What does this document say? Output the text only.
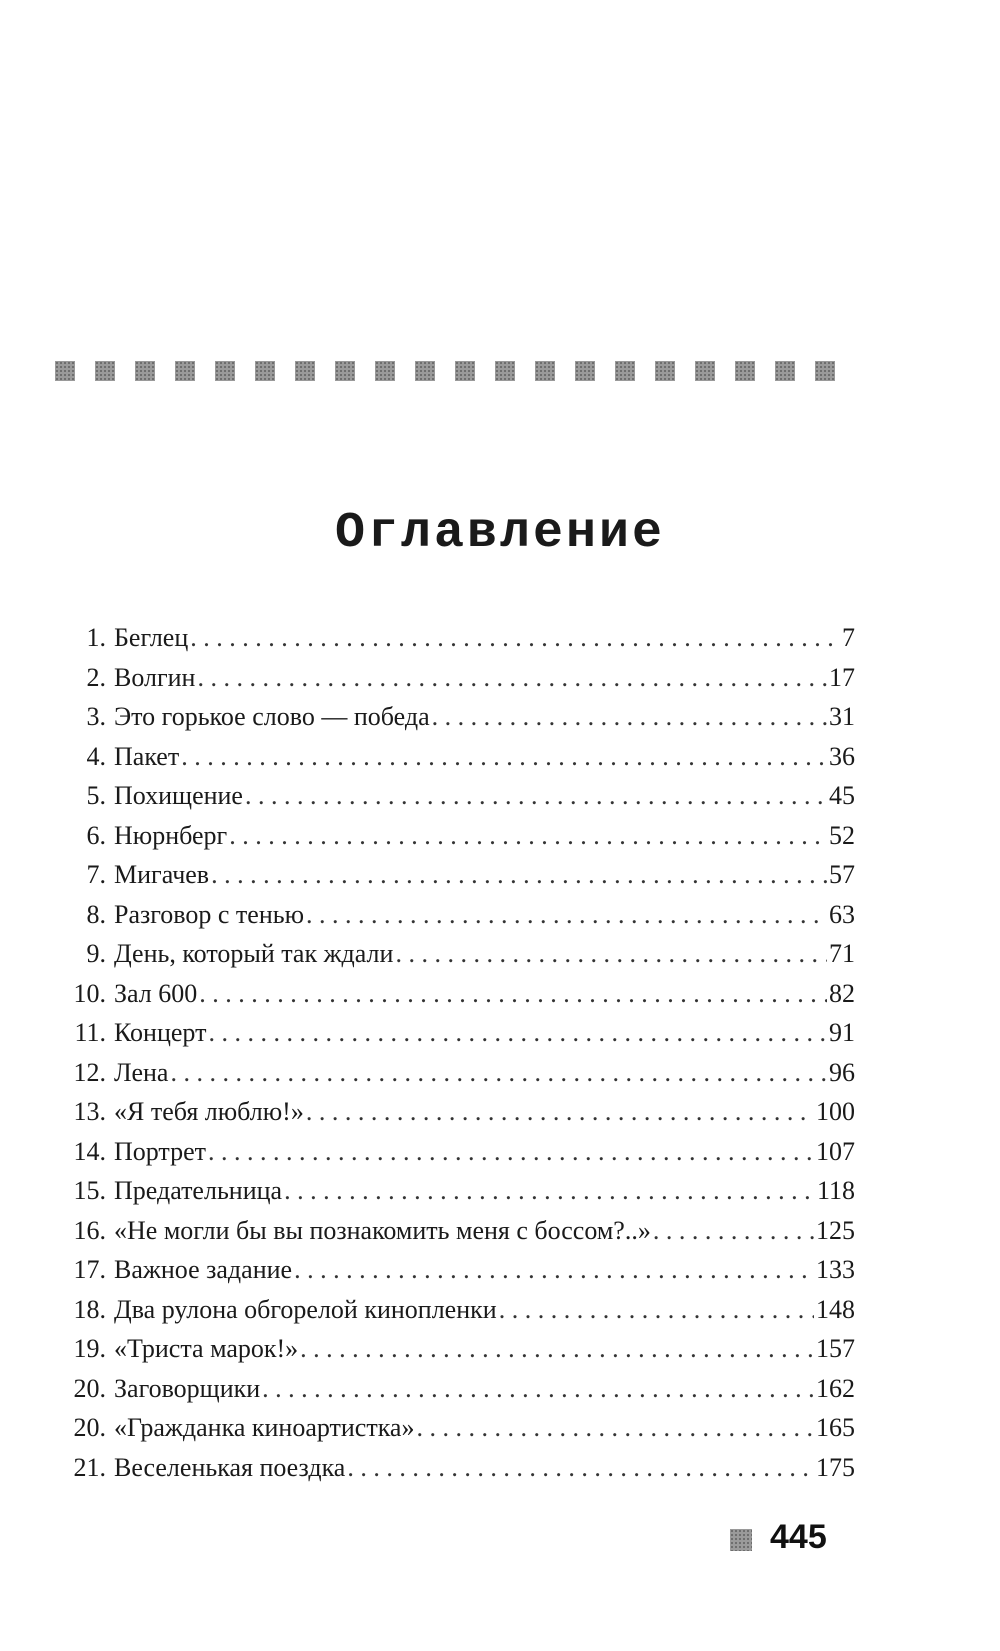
Оглавление
1. Беглец . . .	7
2. Волгин . . .	17
3. Это горькое слово — победа . . .	31
4. Пакет . . .	36
5. Похищение . . .	45
6. Нюрнберг . . .	52
7. Мигачев . . .	57
8. Разговор с тенью . . .	63
9. День, который так ждали . . .	71
10. Зал 600 . . .	82
11. Концерт . . .	91
12. Лена . . .	96
13. «Я тебя люблю!» . . .	100
14. Портрет . . .	107
15. Предательница . . .	118
16. «Не могли бы вы познакомить меня с боссом?..» . . .	125
17. Важное задание . . .	133
18. Два рулона обгорелой кинопленки . . .	148
19. «Триста марок!» . . .	157
20. Заговорщики . . .	162
20. «Гражданка киноартистка» . . .	165
21. Веселенькая поездка . . .	175
445
